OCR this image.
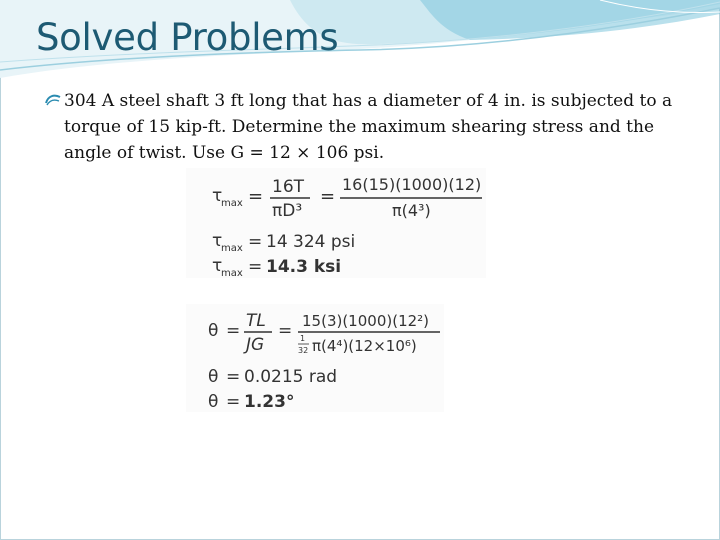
Solved Problems

304 A steel shaft 3 ft long that has a diameter of 4 in. is subjected to a
torque of 15 kip-ft. Determine the maximum shearing stress and the
angle of twist. Use G = 12 × 106 psi.

τ
max = 16T
πD³
=
16(15)(1000)(12)
π(4³)
τ
max = 14 324 psi
τ
max = 14.3 ksi
θ = TL
JG
= 15(3)(1000)(12²)
1
32 π(4⁴)(12×10⁶)
θ = 0.0215 rad
θ = 1.23°
